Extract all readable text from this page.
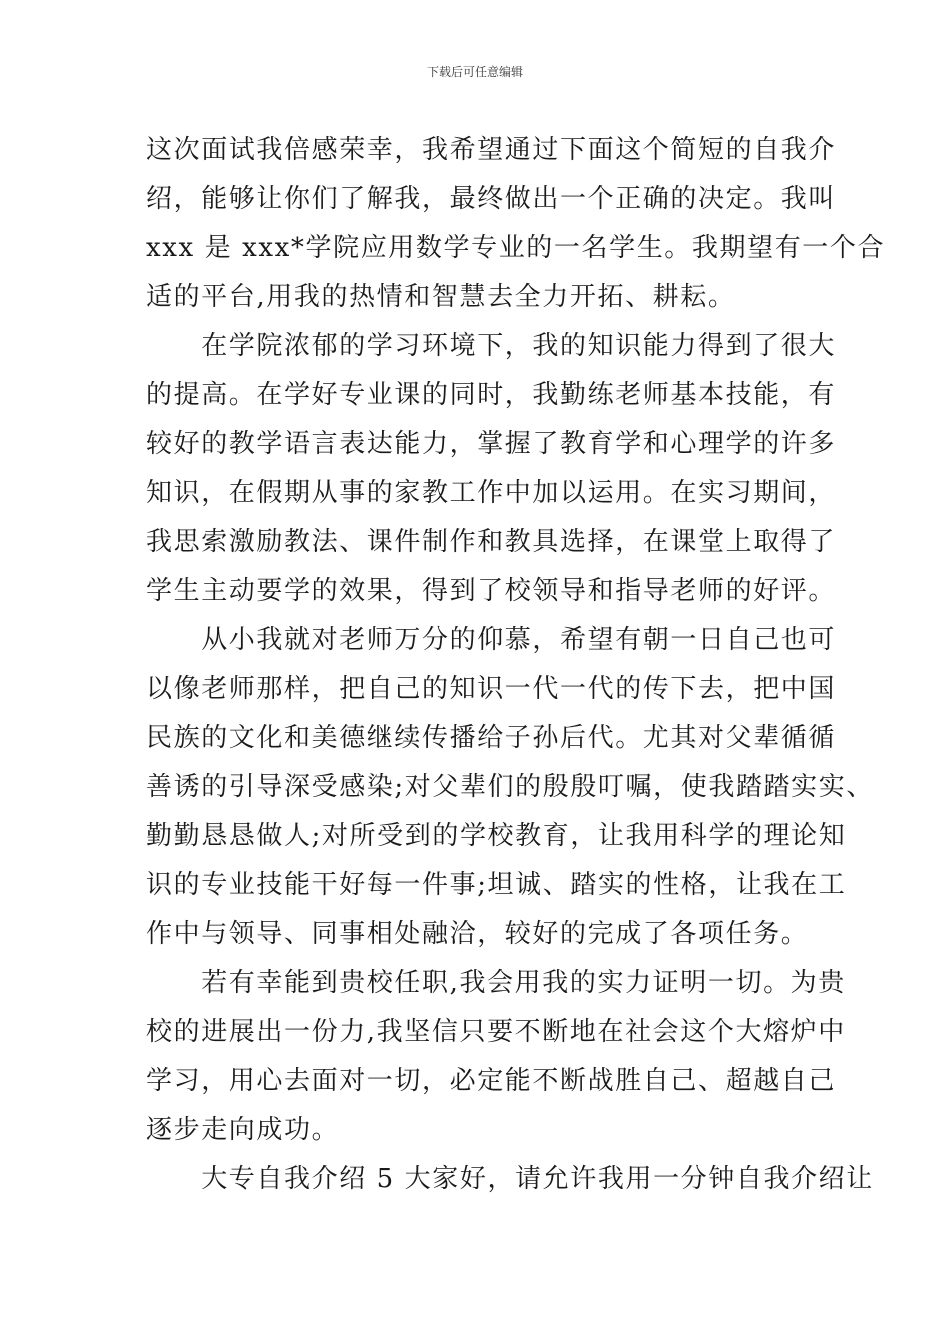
下载后可任意编辑
这次面试我倍感荣幸，我希望通过下面这个简短的自我介
绍，能够让你们了解我，最终做出一个正确的决定。我叫
xxx 是 xxx*学院应用数学专业的一名学生。我期望有一个合
适的平台,用我的热情和智慧去全力开拓、耕耘。
　　在学院浓郁的学习环境下，我的知识能力得到了很大
的提高。在学好专业课的同时，我勤练老师基本技能，有
较好的教学语言表达能力，掌握了教育学和心理学的许多
知识，在假期从事的家教工作中加以运用。在实习期间，
我思索激励教法、课件制作和教具选择，在课堂上取得了
学生主动要学的效果，得到了校领导和指导老师的好评。
　　从小我就对老师万分的仰慕，希望有朝一日自己也可
以像老师那样，把自己的知识一代一代的传下去，把中国
民族的文化和美德继续传播给子孙后代。尤其对父辈循循
善诱的引导深受感染;对父辈们的殷殷叮嘱，使我踏踏实实、
勤勤恳恳做人;对所受到的学校教育，让我用科学的理论知
识的专业技能干好每一件事;坦诚、踏实的性格，让我在工
作中与领导、同事相处融洽，较好的完成了各项任务。
　　若有幸能到贵校任职,我会用我的实力证明一切。为贵
校的进展出一份力,我坚信只要不断地在社会这个大熔炉中
学习，用心去面对一切，必定能不断战胜自己、超越自己
逐步走向成功。
　　大专自我介绍 5 大家好，请允许我用一分钟自我介绍让
